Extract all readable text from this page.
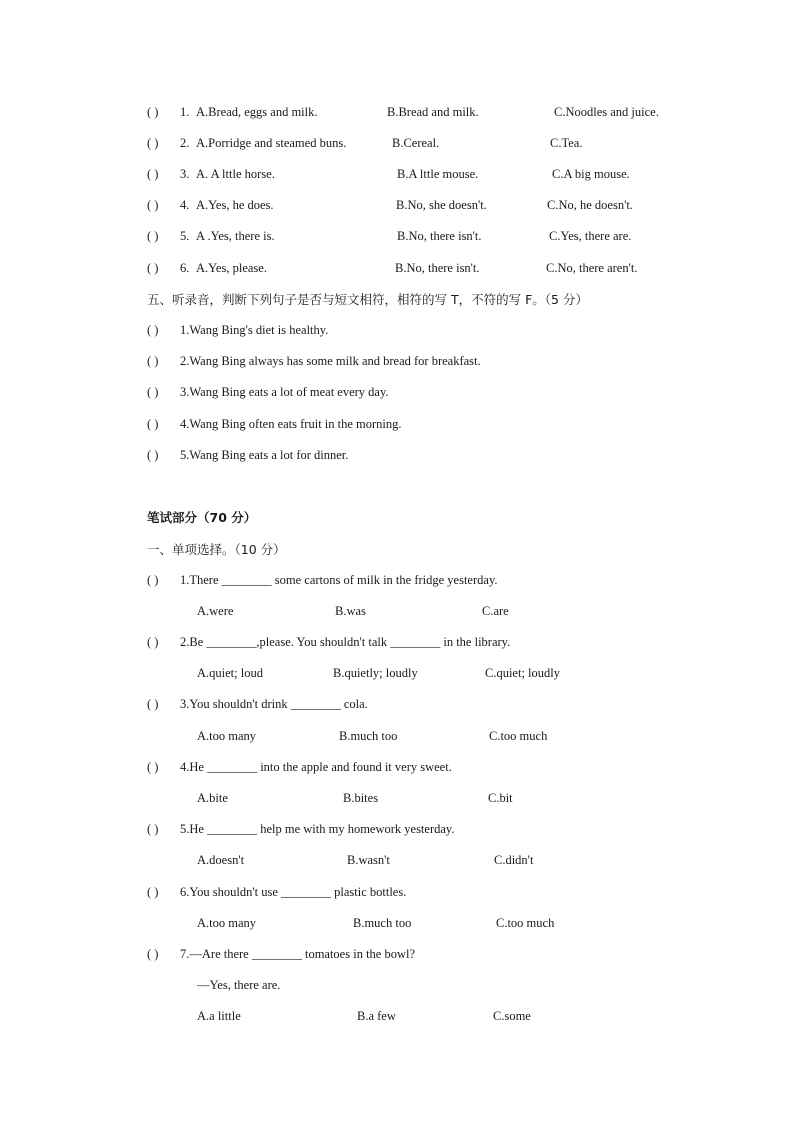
( ) 1. A.Bread, eggs and milk.	B.Bread and milk.	C.Noodles and juice.
( ) 2. A.Porridge and steamed buns.	B.Cereal.	C.Tea.
( ) 3. A. A lttle horse.	B.A lttle mouse.	C.A big mouse.
( ) 4. A.Yes, he does.	B.No, she doesn't.	C.No, he doesn't.
( ) 5. A .Yes, there is.	B.No, there isn't.	C.Yes, there are.
( ) 6. A.Yes, please.	B.No, there isn't.	C.No, there aren't.
五、听录音，判断下列句子是否与短文相符，相符的写 T，不符的写 F。（5 分）
( ) 1.Wang Bing's diet is healthy.
( ) 2.Wang Bing always has some milk and bread for breakfast.
( ) 3.Wang Bing eats a lot of meat every day.
( ) 4.Wang Bing often eats fruit in the morning.
( ) 5.Wang Bing eats a lot for dinner.
笔试部分（70 分）
一、单项选择。（10 分）
( ) 1.There ________ some cartons of milk in the fridge yesterday.
A.were	B.was	C.are
( ) 2.Be ________,please. You shouldn't talk ________ in the library.
A.quiet; loud	B.quietly; loudly	C.quiet; loudly
( ) 3.You shouldn't drink ________ cola.
A.too many	B.much too	C.too much
( ) 4.He ________ into the apple and found it very sweet.
A.bite	B.bites	C.bit
( ) 5.He ________ help me with my homework yesterday.
A.doesn't	B.wasn't	C.didn't
( ) 6.You shouldn't use ________ plastic bottles.
A.too many	B.much too	C.too much
( ) 7.—Are there ________ tomatoes in the bowl?
—Yes, there are.
A.a little	B.a few	C.some
